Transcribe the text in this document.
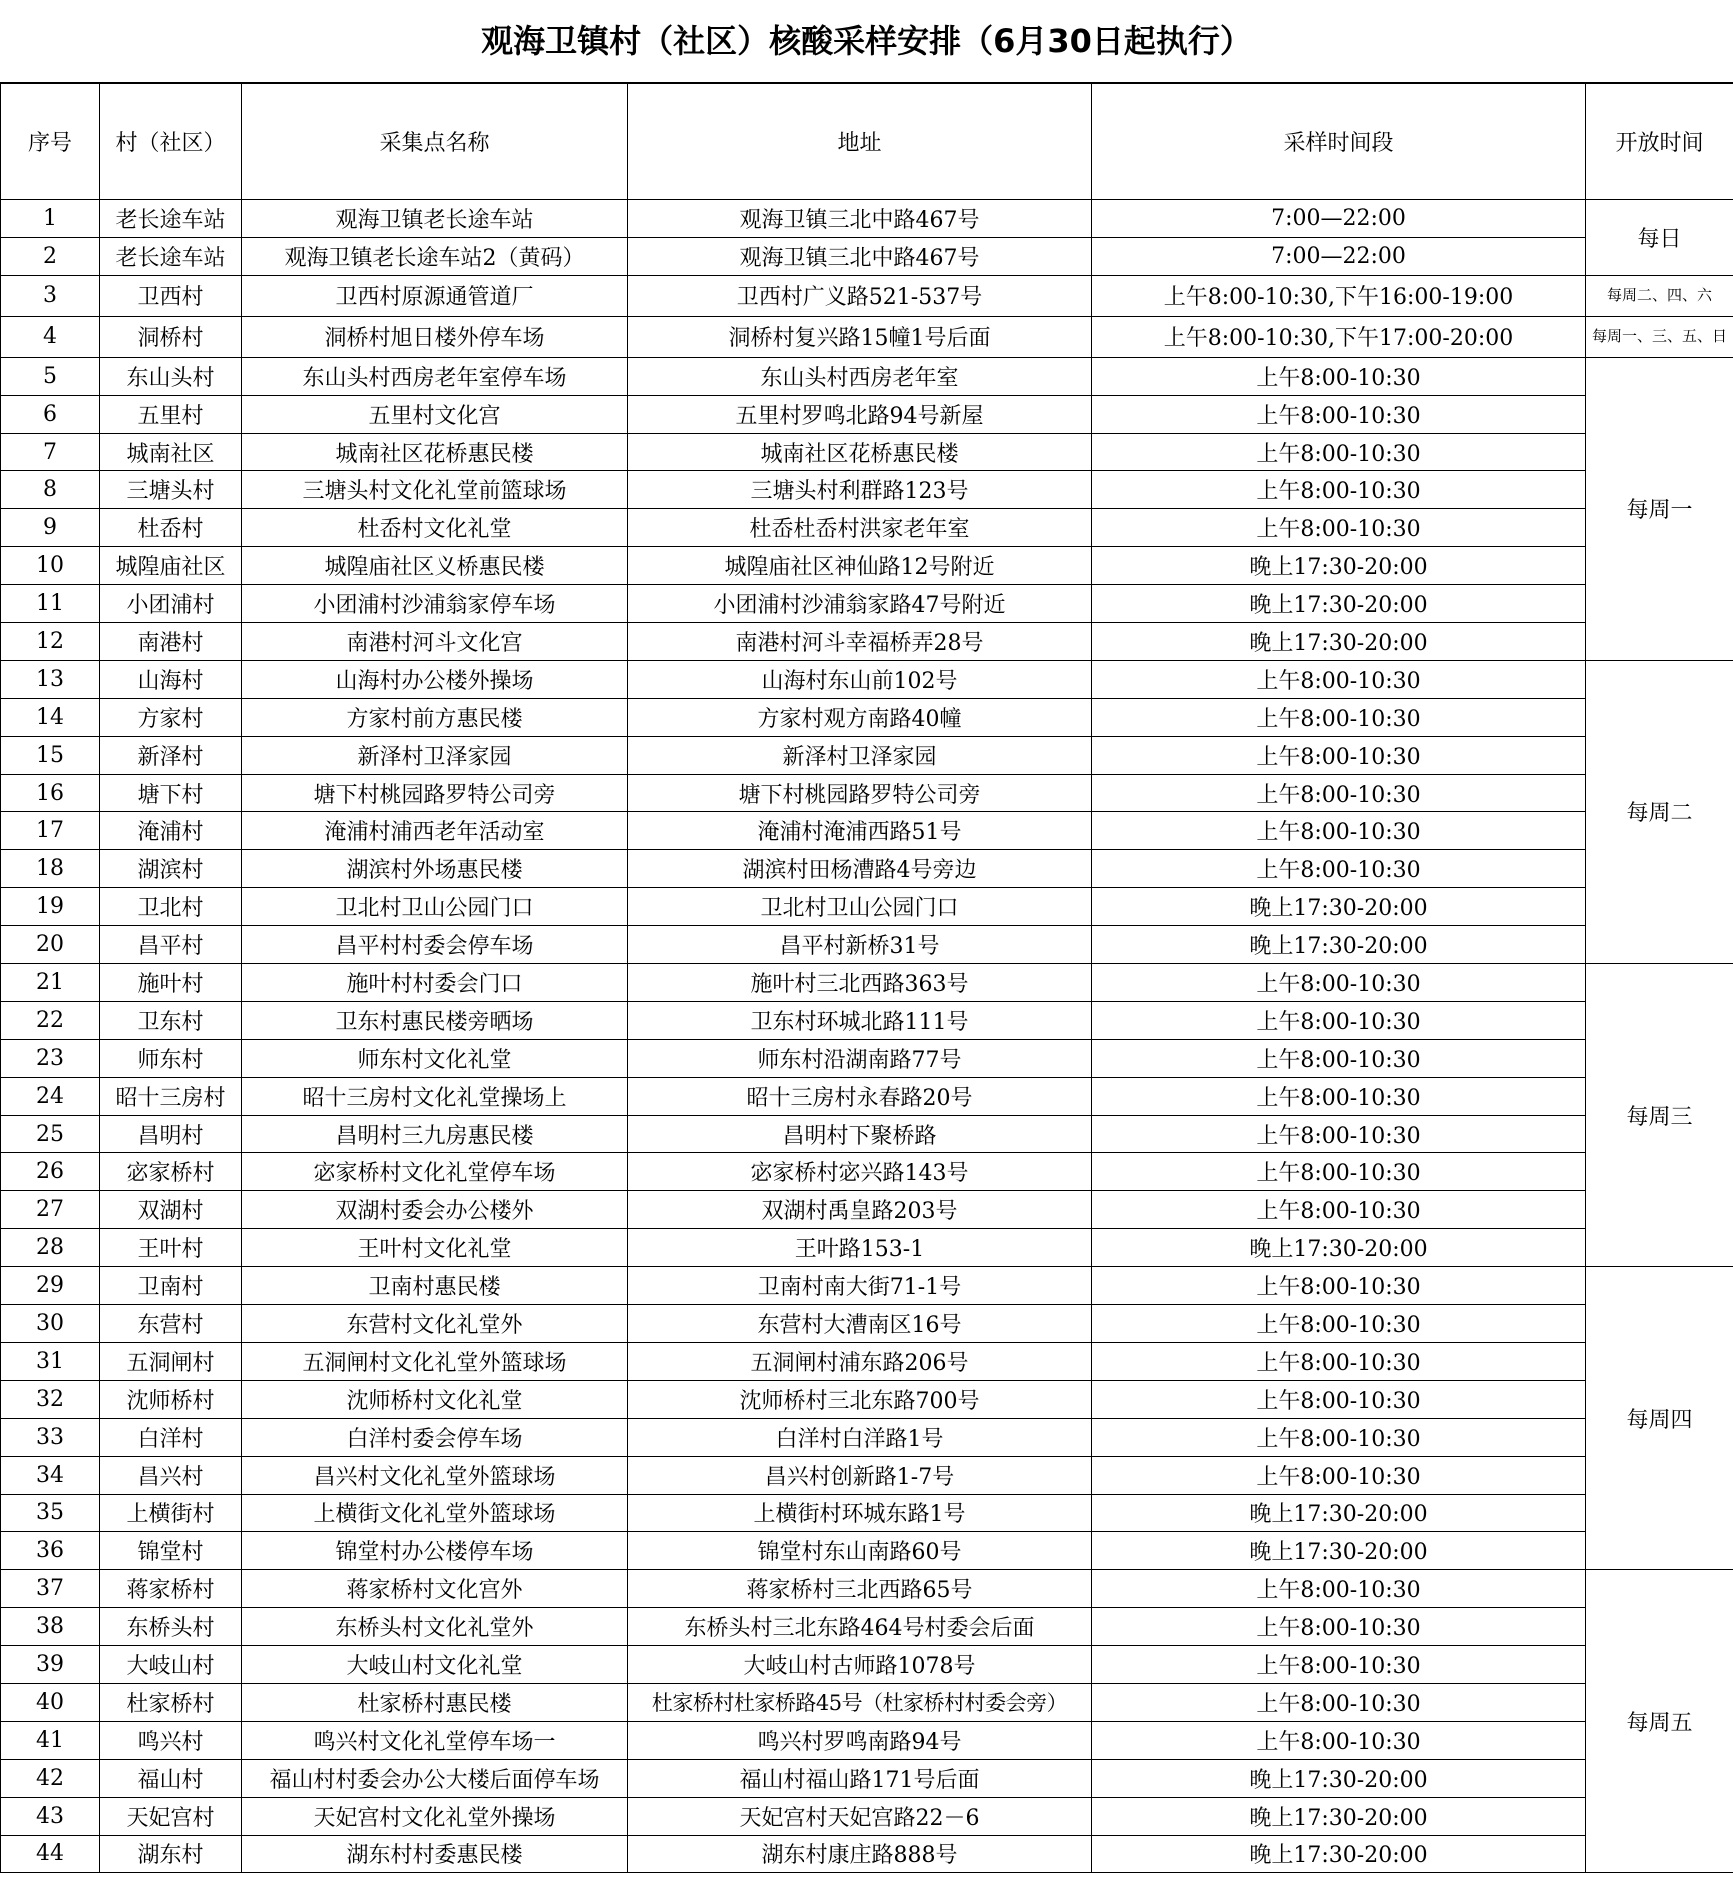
观海卫镇村（社区）核酸采样安排（6月30日起执行）
序号	村（社区）	采集点名称	地址	采样时间段	开放时间
1	老长途车站	观海卫镇老长途车站	观海卫镇三北中路467号	7:00—22:00	每日
2	老长途车站	观海卫镇老长途车站2（黄码）	观海卫镇三北中路467号	7:00—22:00	
3	卫西村	卫西村原源通管道厂	卫西村广义路521-537号	上午8:00-10:30,下午16:00-19:00	每周二、四、六
4	洞桥村	洞桥村旭日楼外停车场	洞桥村复兴路15幢1号后面	上午8:00-10:30,下午17:00-20:00	每周一、三、五、日
5	东山头村	东山头村西房老年室停车场	东山头村西房老年室	上午8:00-10:30	每周一
6	五里村	五里村文化宫	五里村罗鸣北路94号新屋	上午8:00-10:30	
7	城南社区	城南社区花桥惠民楼	城南社区花桥惠民楼	上午8:00-10:30	
8	三塘头村	三塘头村文化礼堂前篮球场	三塘头村利群路123号	上午8:00-10:30	
9	杜岙村	杜岙村文化礼堂	杜岙杜岙村洪家老年室	上午8:00-10:30	
10	城隍庙社区	城隍庙社区义桥惠民楼	城隍庙社区神仙路12号附近	晚上17:30-20:00	
11	小团浦村	小团浦村沙浦翁家停车场	小团浦村沙浦翁家路47号附近	晚上17:30-20:00	
12	南港村	南港村河斗文化宫	南港村河斗幸福桥弄28号	晚上17:30-20:00	
13	山海村	山海村办公楼外操场	山海村东山前102号	上午8:00-10:30	每周二
14	方家村	方家村前方惠民楼	方家村观方南路40幢	上午8:00-10:30	
15	新泽村	新泽村卫泽家园	新泽村卫泽家园	上午8:00-10:30	
16	塘下村	塘下村桃园路罗特公司旁	塘下村桃园路罗特公司旁	上午8:00-10:30	
17	淹浦村	淹浦村浦西老年活动室	淹浦村淹浦西路51号	上午8:00-10:30	
18	湖滨村	湖滨村外场惠民楼	湖滨村田杨漕路4号旁边	上午8:00-10:30	
19	卫北村	卫北村卫山公园门口	卫北村卫山公园门口	晚上17:30-20:00	
20	昌平村	昌平村村委会停车场	昌平村新桥31号	晚上17:30-20:00	
21	施叶村	施叶村村委会门口	施叶村三北西路363号	上午8:00-10:30	每周三
22	卫东村	卫东村惠民楼旁晒场	卫东村环城北路111号	上午8:00-10:30	
23	师东村	师东村文化礼堂	师东村沿湖南路77号	上午8:00-10:30	
24	昭十三房村	昭十三房村文化礼堂操场上	昭十三房村永春路20号	上午8:00-10:30	
25	昌明村	昌明村三九房惠民楼	昌明村下聚桥路	上午8:00-10:30	
26	宓家桥村	宓家桥村文化礼堂停车场	宓家桥村宓兴路143号	上午8:00-10:30	
27	双湖村	双湖村委会办公楼外	双湖村禹皇路203号	上午8:00-10:30	
28	王叶村	王叶村文化礼堂	王叶路153-1	晚上17:30-20:00	
29	卫南村	卫南村惠民楼	卫南村南大街71-1号	上午8:00-10:30	每周四
30	东营村	东营村文化礼堂外	东营村大漕南区16号	上午8:00-10:30	
31	五洞闸村	五洞闸村文化礼堂外篮球场	五洞闸村浦东路206号	上午8:00-10:30	
32	沈师桥村	沈师桥村文化礼堂	沈师桥村三北东路700号	上午8:00-10:30	
33	白洋村	白洋村委会停车场	白洋村白洋路1号	上午8:00-10:30	
34	昌兴村	昌兴村文化礼堂外篮球场	昌兴村创新路1-7号	上午8:00-10:30	
35	上横街村	上横街文化礼堂外篮球场	上横街村环城东路1号	晚上17:30-20:00	
36	锦堂村	锦堂村办公楼停车场	锦堂村东山南路60号	晚上17:30-20:00	
37	蒋家桥村	蒋家桥村文化宫外	蒋家桥村三北西路65号	上午8:00-10:30	每周五
38	东桥头村	东桥头村文化礼堂外	东桥头村三北东路464号村委会后面	上午8:00-10:30	
39	大岐山村	大岐山村文化礼堂	大岐山村古师路1078号	上午8:00-10:30	
40	杜家桥村	杜家桥村惠民楼	杜家桥村杜家桥路45号（杜家桥村村委会旁）	上午8:00-10:30	
41	鸣兴村	鸣兴村文化礼堂停车场一	鸣兴村罗鸣南路94号	上午8:00-10:30	
42	福山村	福山村村委会办公大楼后面停车场	福山村福山路171号后面	晚上17:30-20:00	
43	天妃宫村	天妃宫村文化礼堂外操场	天妃宫村天妃宫路22－6	晚上17:30-20:00	
44	湖东村	湖东村村委惠民楼	湖东村康庄路888号	晚上17:30-20:00	
